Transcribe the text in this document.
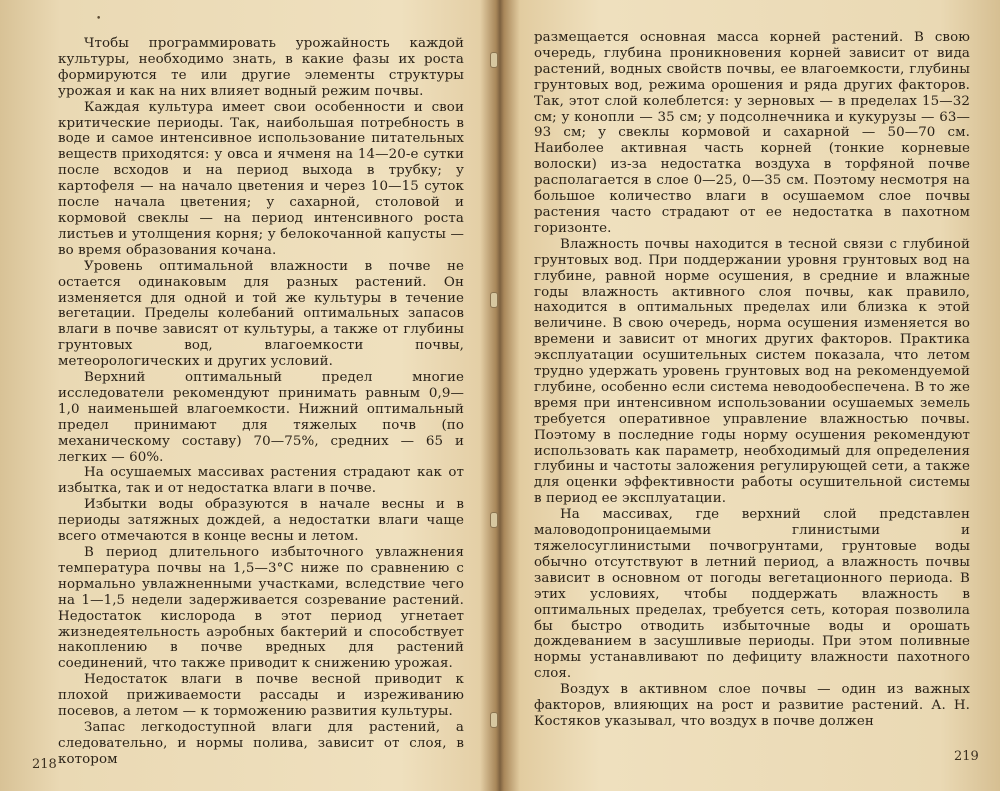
•

Чтобы программировать урожайность каждой культуры, необходимо знать, в какие фазы их роста формируются те или другие элементы структуры урожая и как на них влияет водный режим почвы.

Каждая культура имеет свои особенности и свои критические периоды. Так, наибольшая потребность в воде и самое интенсивное использование питательных веществ приходятся: у овса и ячменя на 14—20-е сутки после всходов и на период выхода в трубку; у картофеля — на начало цветения и через 10—15 суток после начала цветения; у сахарной, столовой и кормовой свеклы — на период интенсивного роста листьев и утолщения корня; у белокочанной капусты — во время образования кочана.

Уровень оптимальной влажности в почве не остается одинаковым для разных растений. Он изменяется для одной и той же культуры в течение вегетации. Пределы колебаний оптимальных запасов влаги в почве зависят от культуры, а также от глубины грунтовых вод, влагоемкости почвы, метеорологических и других условий.

Верхний оптимальный предел многие исследователи рекомендуют принимать равным 0,9—1,0 наименьшей влагоемкости. Нижний оптимальный предел принимают для тяжелых почв (по механическому составу) 70—75%, средних — 65 и легких — 60%.

На осушаемых массивах растения страдают как от избытка, так и от недостатка влаги в почве.

Избытки воды образуются в начале весны и в периоды затяжных дождей, а недостатки влаги чаще всего отмечаются в конце весны и летом.

В период длительного избыточного увлажнения температура почвы на 1,5—3°С ниже по сравнению с нормально увлажненными участками, вследствие чего на 1—1,5 недели задерживается созревание растений. Недостаток кислорода в этот период угнетает жизнедеятельность аэробных бактерий и способствует накоплению в почве вредных для растений соединений, что также приводит к снижению урожая.

Недостаток влаги в почве весной приводит к плохой приживаемости рассады и изреживанию посевов, а летом — к торможению развития культуры.

Запас легкодоступной влаги для растений, а следовательно, и нормы полива, зависит от слоя, в котором

218

размещается основная масса корней растений. В свою очередь, глубина проникновения корней зависит от вида растений, водных свойств почвы, ее влагоемкости, глубины грунтовых вод, режима орошения и ряда других факторов. Так, этот слой колеблется: у зерновых — в пределах 15—32 см; у конопли — 35 см; у подсолнечника и кукурузы — 63—93 см; у свеклы кормовой и сахарной — 50—70 см. Наиболее активная часть корней (тонкие корневые волоски) из-за недостатка воздуха в торфяной почве располагается в слое 0—25, 0—35 см. Поэтому несмотря на большое количество влаги в осушаемом слое почвы растения часто страдают от ее недостатка в пахотном горизонте.

Влажность почвы находится в тесной связи с глубиной грунтовых вод. При поддержании уровня грунтовых вод на глубине, равной норме осушения, в средние и влажные годы влажность активного слоя почвы, как правило, находится в оптимальных пределах или близка к этой величине. В свою очередь, норма осушения изменяется во времени и зависит от многих других факторов. Практика эксплуатации осушительных систем показала, что летом трудно удержать уровень грунтовых вод на рекомендуемой глубине, особенно если система неводообеспечена. В то же время при интенсивном использовании осушаемых земель требуется оперативное управление влажностью почвы. Поэтому в последние годы норму осушения рекомендуют использовать как параметр, необходимый для определения глубины и частоты заложения регулирующей сети, а также для оценки эффективности работы осушительной системы в период ее эксплуатации.

На массивах, где верхний слой представлен маловодопроницаемыми глинистыми и тяжелосуглинистыми почвогрунтами, грунтовые воды обычно отсутствуют в летний период, а влажность почвы зависит в основном от погоды вегетационного периода. В этих условиях, чтобы поддержать влажность в оптимальных пределах, требуется сеть, которая позволила бы быстро отводить избыточные воды и орошать дождеванием в засушливые периоды. При этом поливные нормы устанавливают по дефициту влажности пахотного слоя.

Воздух в активном слое почвы — один из важных факторов, влияющих на рост и развитие растений. А. Н. Костяков указывал, что воздух в почве должен

219
